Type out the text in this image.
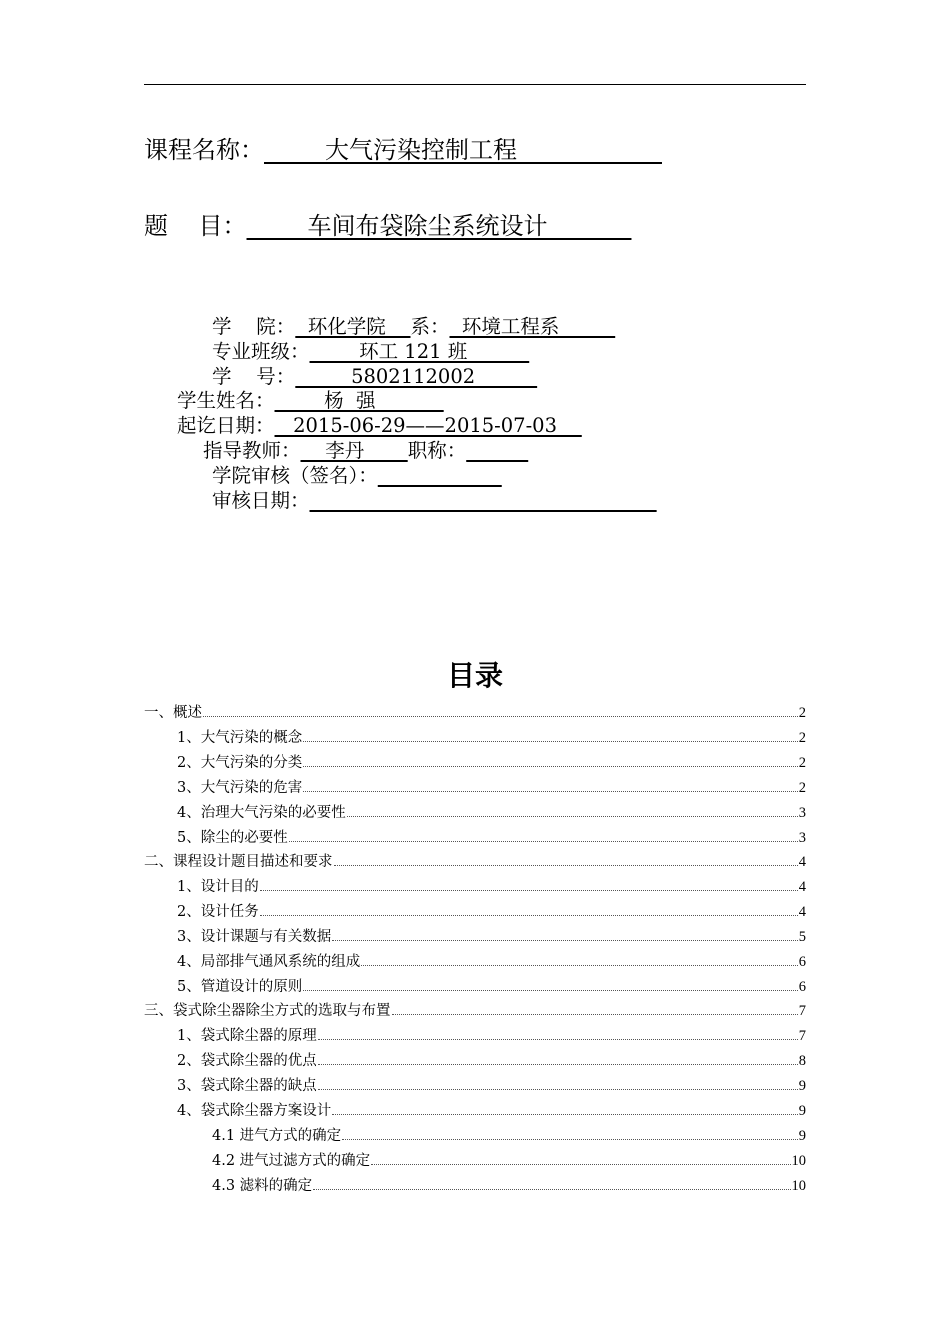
课程名称：        大气污染控制工程
题    目：        车间布袋除尘系统设计
学    院：  环化学院    系：  环境工程系
专业班级：        环工 121 班
学    号：         5802112002
学生姓名：        杨  强
起讫日期：   2015-06-29——2015-07-03
指导教师：    李丹       职称：
学院审核（签名）：
审核日期：
目录
一、概述	2
1、大气污染的概念	2
2、大气污染的分类	2
3、大气污染的危害	2
4、治理大气污染的必要性	3
5、除尘的必要性	3
二、课程设计题目描述和要求	4
1、设计目的	4
2、设计任务	4
3、设计课题与有关数据	5
4、局部排气通风系统的组成	6
5、管道设计的原则	6
三、袋式除尘器除尘方式的选取与布置	7
1、袋式除尘器的原理	7
2、袋式除尘器的优点	8
3、袋式除尘器的缺点	9
4、袋式除尘器方案设计	9
4.1 进气方式的确定	9
4.2 进气过滤方式的确定	10
4.3 滤料的确定	10
